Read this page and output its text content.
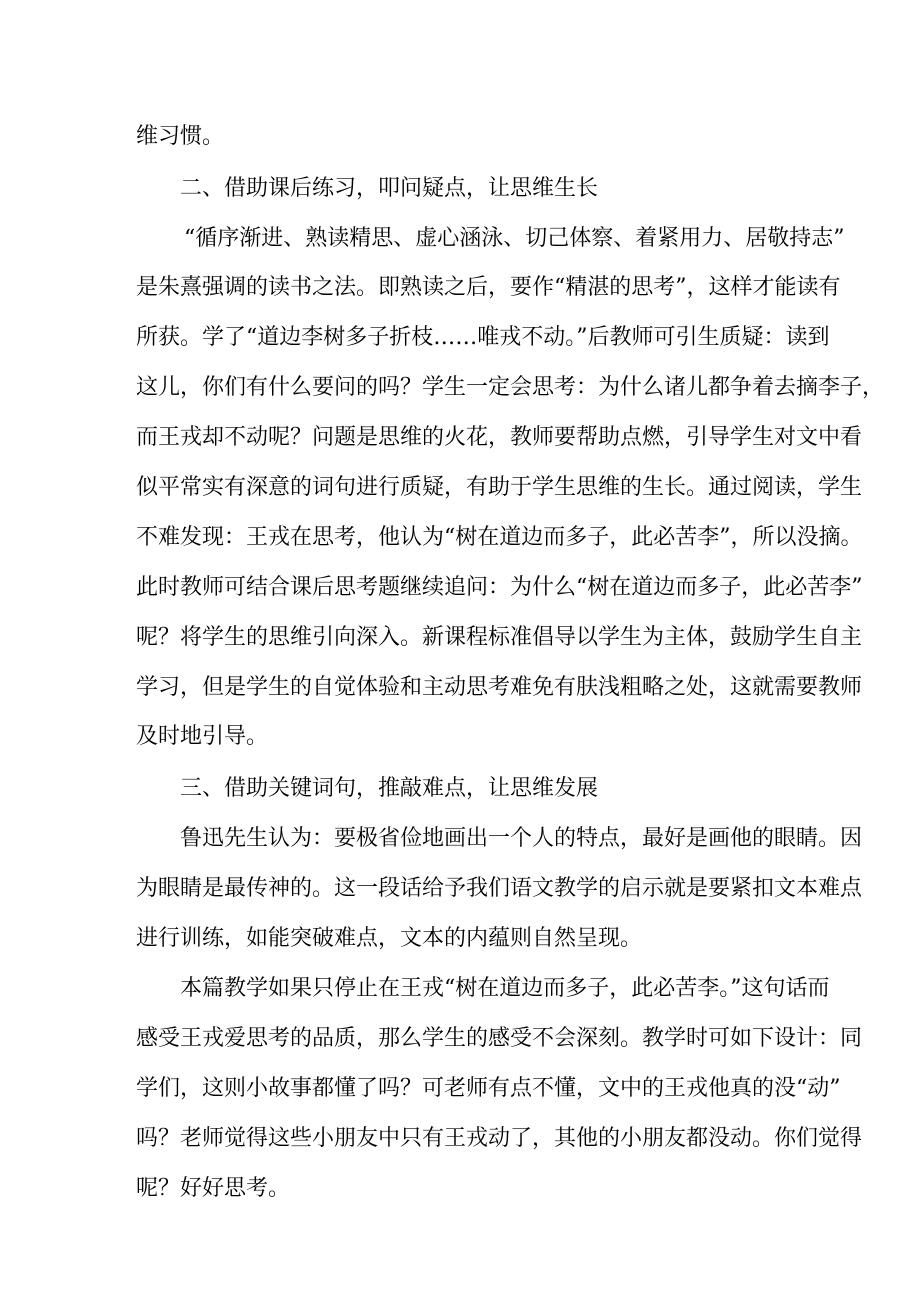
维习惯。
二、借助课后练习，叩问疑点，让思维生长
“循序渐进、熟读精思、虚心涵泳、切己体察、着紧用力、居敬持志”
是朱熹强调的读书之法。即熟读之后，要作“精湛的思考”，这样才能读有
所获。学了“道边李树多子折枝……唯戎不动。”后教师可引生质疑：读到
这儿，你们有什么要问的吗？学生一定会思考：为什么诸儿都争着去摘李子，
而王戎却不动呢？问题是思维的火花，教师要帮助点燃，引导学生对文中看
似平常实有深意的词句进行质疑，有助于学生思维的生长。通过阅读，学生
不难发现：王戎在思考，他认为“树在道边而多子，此必苦李”，所以没摘。
此时教师可结合课后思考题继续追问：为什么“树在道边而多子，此必苦李”
呢？将学生的思维引向深入。新课程标准倡导以学生为主体，鼓励学生自主
学习，但是学生的自觉体验和主动思考难免有肤浅粗略之处，这就需要教师
及时地引导。
三、借助关键词句，推敲难点，让思维发展
鲁迅先生认为：要极省俭地画出一个人的特点，最好是画他的眼睛。因
为眼睛是最传神的。这一段话给予我们语文教学的启示就是要紧扣文本难点
进行训练，如能突破难点，文本的内蕴则自然呈现。
本篇教学如果只停止在王戎“树在道边而多子，此必苦李。”这句话而
感受王戎爱思考的品质，那么学生的感受不会深刻。教学时可如下设计：同
学们，这则小故事都懂了吗？可老师有点不懂，文中的王戎他真的没“动”
吗？老师觉得这些小朋友中只有王戎动了，其他的小朋友都没动。你们觉得
呢？好好思考。
